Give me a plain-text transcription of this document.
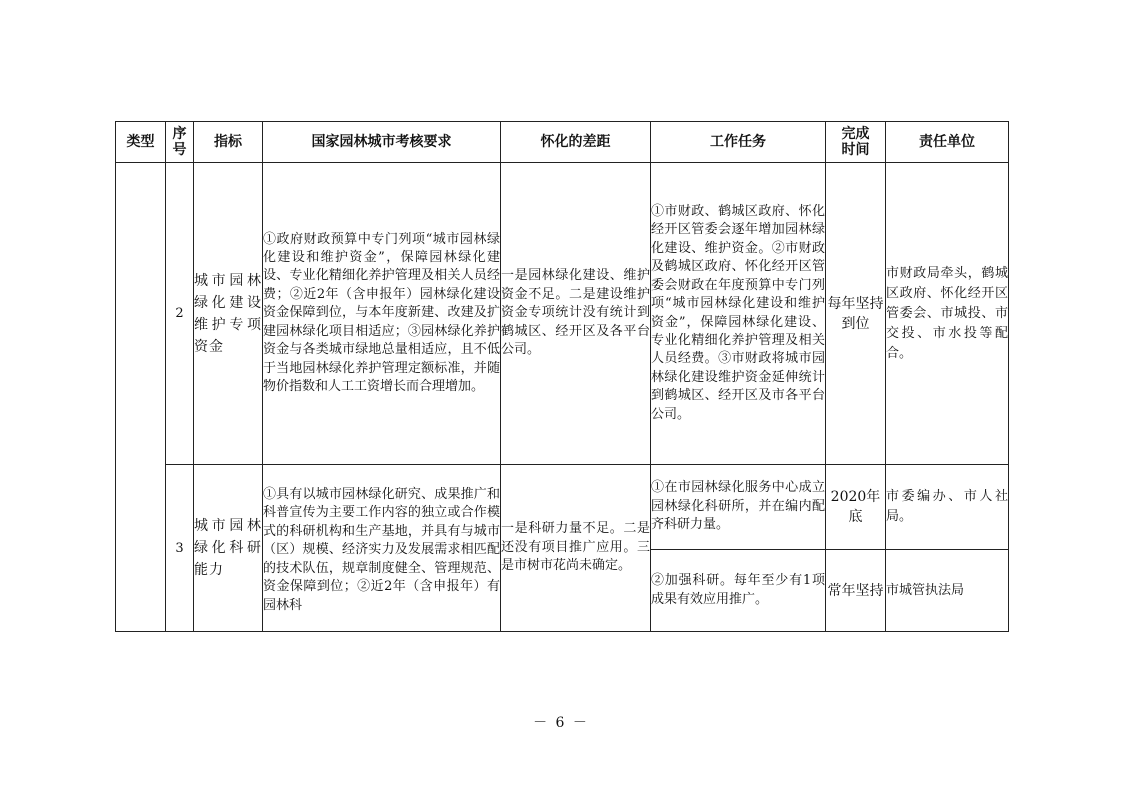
类型	序号	指标	国家园林城市考核要求	怀化的差距	工作任务	完成时间	责任单位
	2	城市园林绿化建设维护专项资金	①政府财政预算中专门列项“城市园林绿化建设和维护资金”，保障园林绿化建设、专业化精细化养护管理及相关人员经费；②近2年（含申报年）园林绿化建设资金保障到位，与本年度新建、改建及扩建园林绿化项目相适应；③园林绿化养护资金与各类城市绿地总量相适应，且不低于当地园林绿化养护管理定额标准，并随物价指数和人工工资增长而合理增加。	一是园林绿化建设、维护资金不足。二是建设维护资金专项统计没有统计到鹤城区、经开区及各平台公司。	①市财政、鹤城区政府、怀化经开区管委会逐年增加园林绿化建设、维护资金。②市财政及鹤城区政府、怀化经开区管委会财政在年度预算中专门列项“城市园林绿化建设和维护资金”，保障园林绿化建设、专业化精细化养护管理及相关人员经费。③市财政将城市园林绿化建设维护资金延伸统计到鹤城区、经开区及市各平台公司。	每年坚持到位	市财政局牵头，鹤城区政府、怀化经开区管委会、市城投、市交投、市水投等配合。
	3	城市园林绿化科研能力	①具有以城市园林绿化研究、成果推广和科普宣传为主要工作内容的独立或合作模式的科研机构和生产基地，并具有与城市（区）规模、经济实力及发展需求相匹配的技术队伍，规章制度健全、管理规范、资金保障到位；②近2年（含申报年）有园林科	一是科研力量不足。二是还没有项目推广应用。三是市树市花尚未确定。	①在市园林绿化服务中心成立园林绿化科研所，并在编内配齐科研力量。	2020年底	市委编办、市人社局。
					②加强科研。每年至少有1项成果有效应用推广。	常年坚持	市城管执法局
－ 6 －
